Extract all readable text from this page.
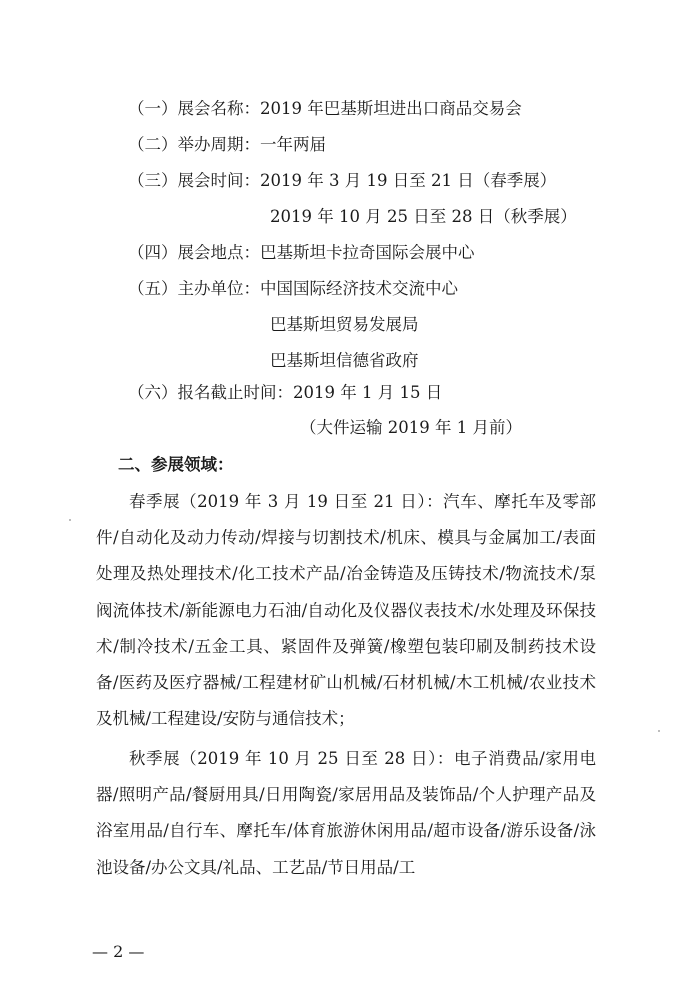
（一）展会名称：2019 年巴基斯坦进出口商品交易会
（二）举办周期：一年两届
（三）展会时间：2019 年 3 月 19 日至 21 日（春季展）
2019 年 10 月 25 日至 28 日（秋季展）
（四）展会地点：巴基斯坦卡拉奇国际会展中心
（五）主办单位：中国国际经济技术交流中心
巴基斯坦贸易发展局
巴基斯坦信德省政府
（六）报名截止时间：2019 年 1 月 15 日
（大件运输 2019 年 1 月前）
二、参展领域：
春季展（2019 年 3 月 19 日至 21 日）：汽车、摩托车及零部件/自动化及动力传动/焊接与切割技术/机床、模具与金属加工/表面处理及热处理技术/化工技术产品/冶金铸造及压铸技术/物流技术/泵阀流体技术/新能源电力石油/自动化及仪器仪表技术/水处理及环保技术/制冷技术/五金工具、紧固件及弹簧/橡塑包装印刷及制药技术设备/医药及医疗器械/工程建材矿山机械/石材机械/木工机械/农业技术及机械/工程建设/安防与通信技术；
秋季展（2019 年 10 月 25 日至 28 日）：电子消费品/家用电器/照明产品/餐厨用具/日用陶瓷/家居用品及装饰品/个人护理产品及浴室用品/自行车、摩托车/体育旅游休闲用品/超市设备/游乐设备/泳池设备/办公文具/礼品、工艺品/节日用品/工
— 2 —
